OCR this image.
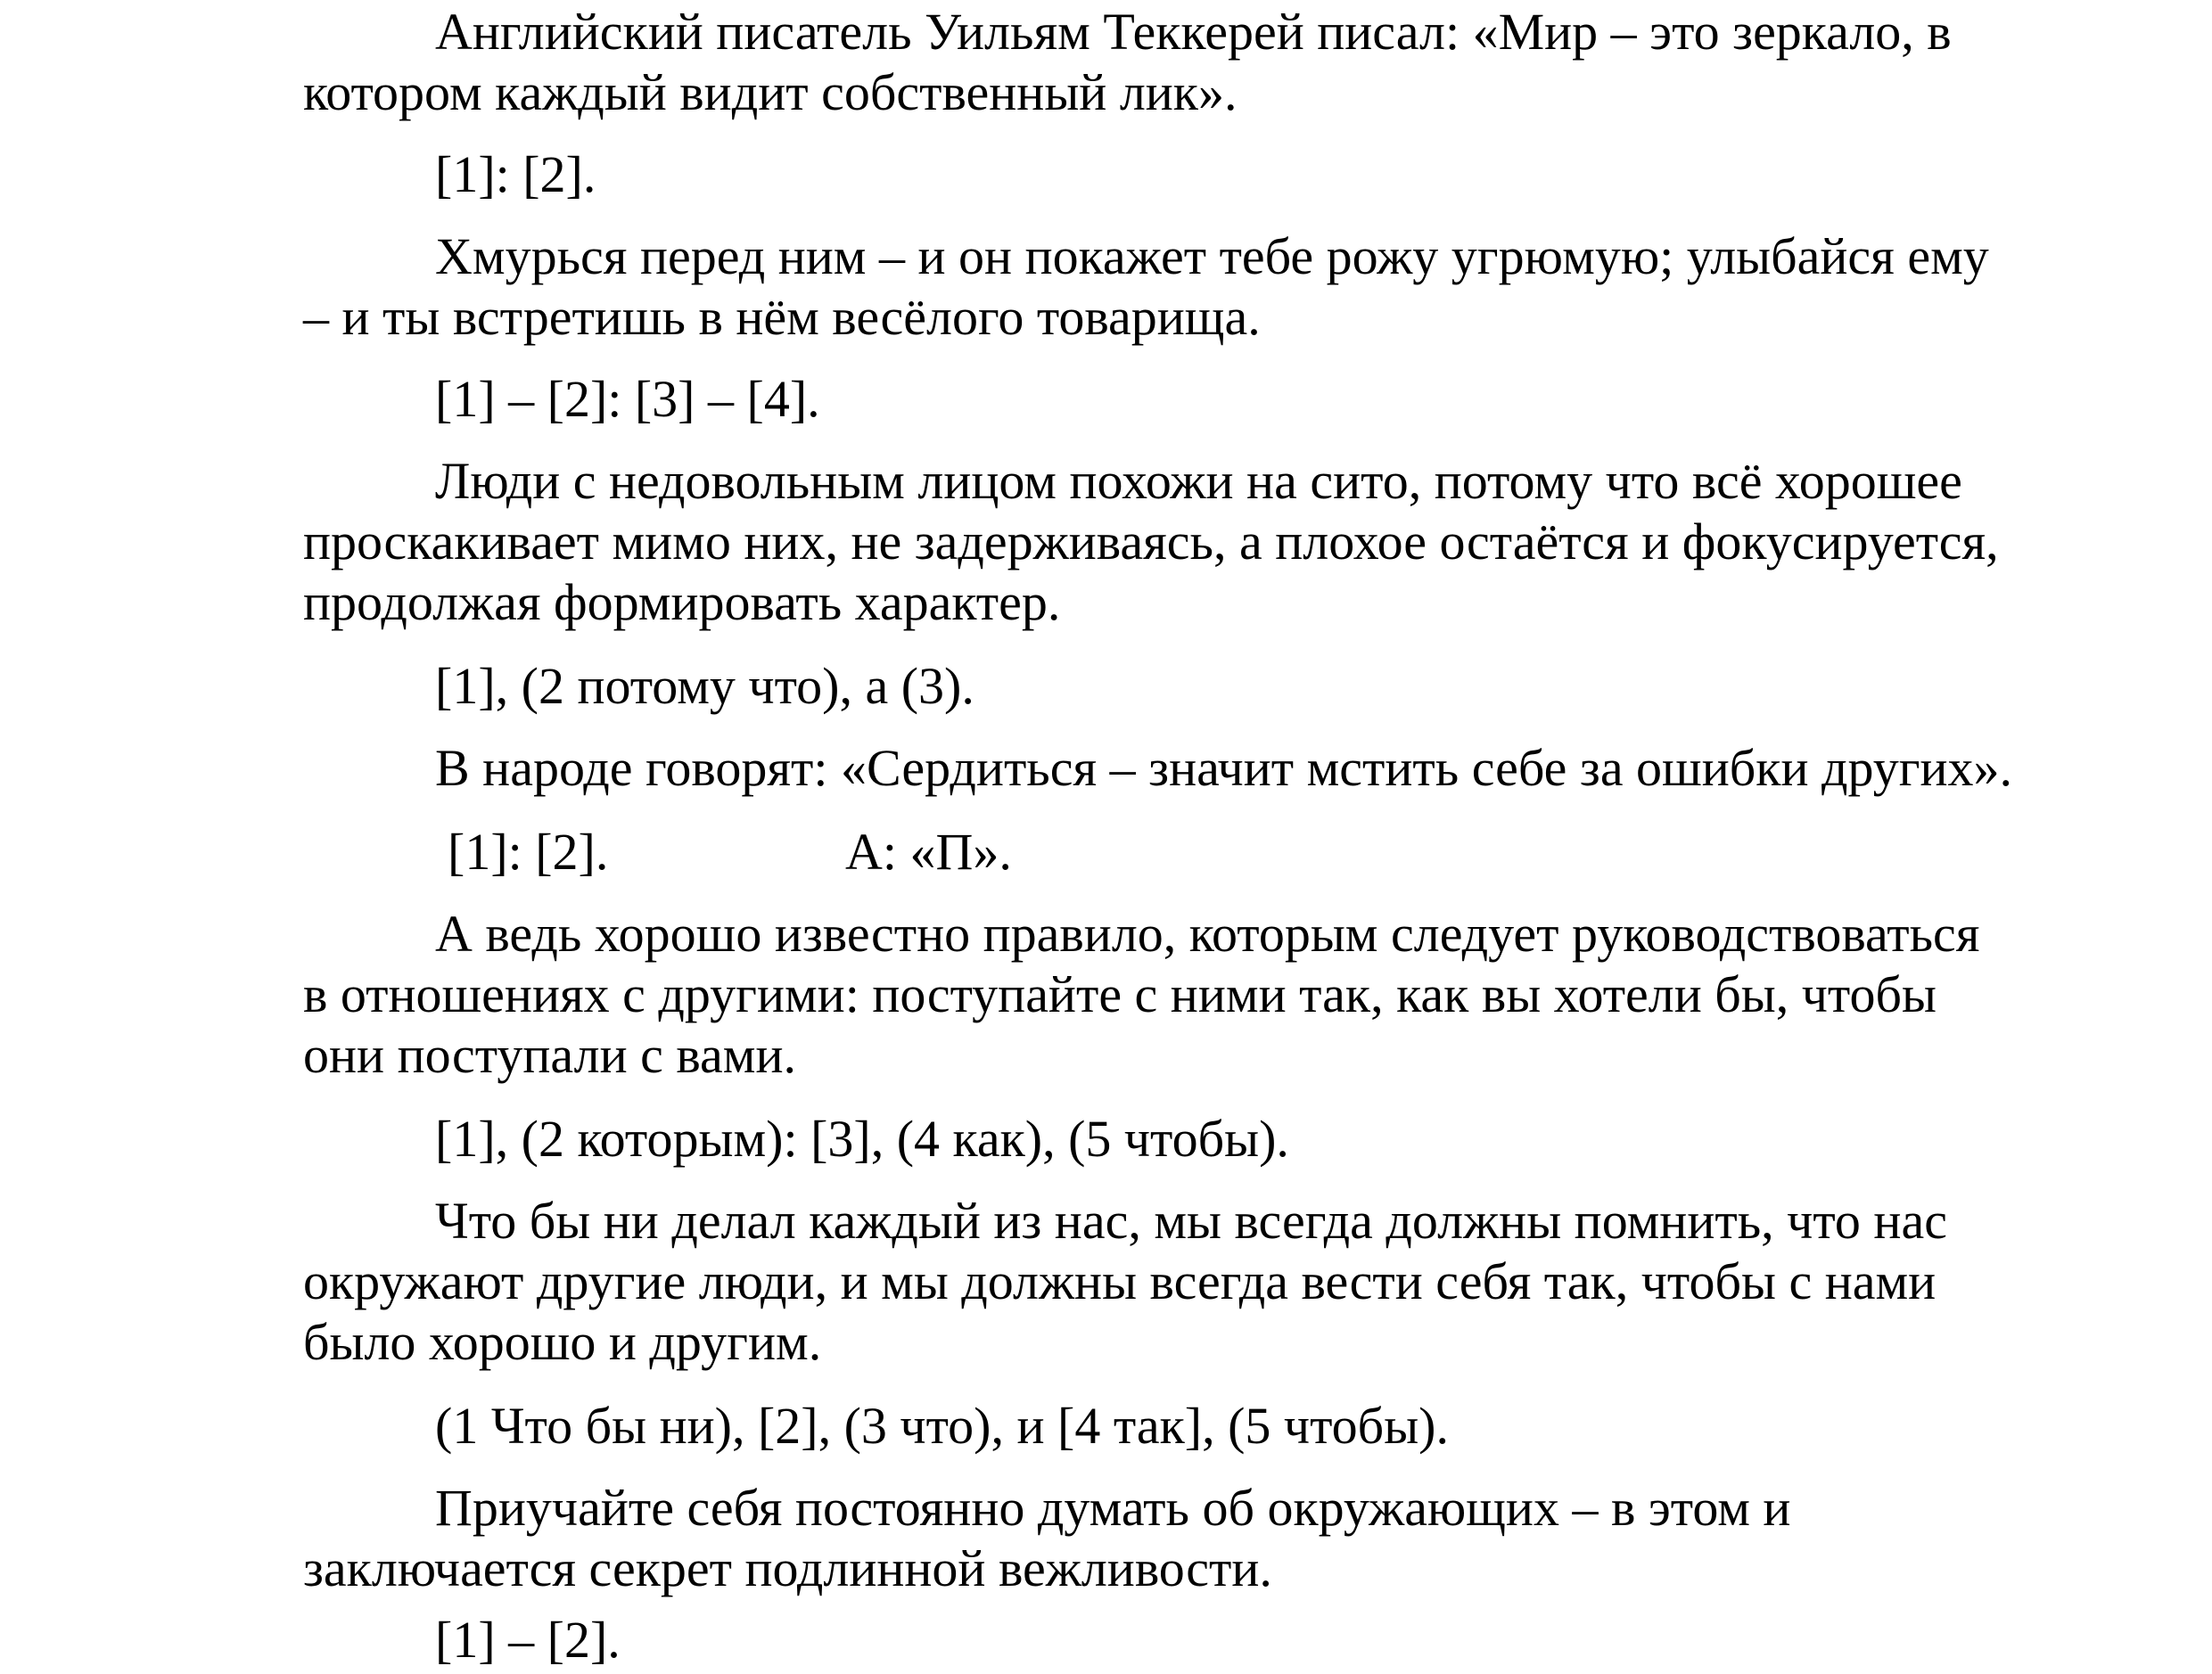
Английский писатель Уильям Теккерей писал: «Мир – это зеркало, в
котором каждый видит собственный лик».
[1]: [2].
Хмурься перед ним – и он покажет тебе рожу угрюмую; улыбайся ему
– и ты встретишь в нём весёлого товарища.
[1] – [2]: [3] – [4].
Люди с недовольным лицом похожи на сито, потому что всё хорошее
проскакивает мимо них, не задерживаясь, а плохое остаётся и фокусируется,
продолжая формировать характер.
[1], (2 потому что), а (3).
В народе говорят: «Сердиться – значит мстить себе за ошибки других».
[1]: [2].	А: «П».
А ведь хорошо известно правило, которым следует руководствоваться
в отношениях с другими: поступайте с ними так, как вы хотели бы, чтобы
они поступали с вами.
[1], (2 которым): [3], (4 как), (5 чтобы).
Что бы ни делал каждый из нас, мы всегда должны помнить, что нас
окружают другие люди, и мы должны всегда вести себя так, чтобы с нами
было хорошо и другим.
(1 Что бы ни), [2], (3 что), и [4 так], (5 чтобы).
Приучайте себя постоянно думать об окружающих – в этом и
заключается секрет подлинной вежливости.
[1] – [2].
